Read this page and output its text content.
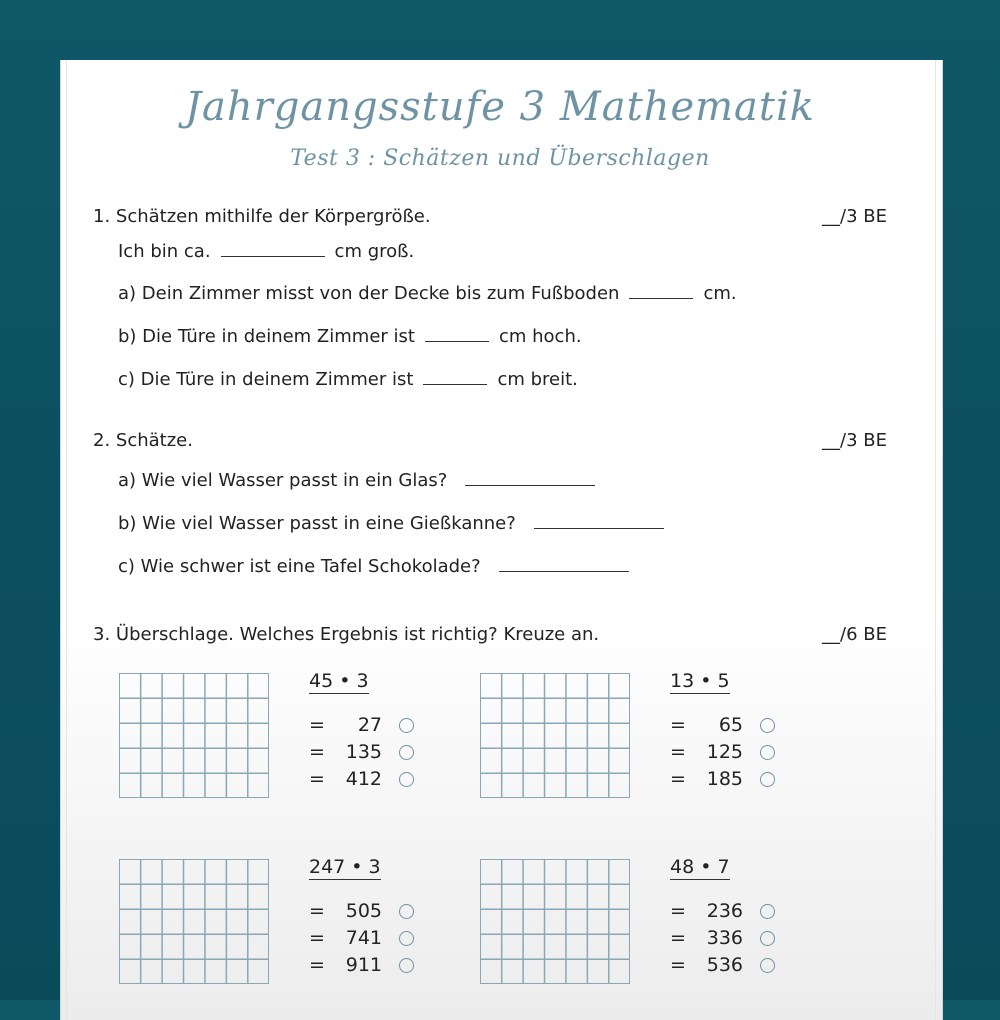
Jahrgangsstufe 3 Mathematik
Test 3 : Schätzen und Überschlagen
1. Schätzen mithilfe der Körpergröße.	__/3 BE
Ich bin ca.	cm groß.
a) Dein Zimmer misst von der Decke bis zum Fußboden	cm.
b) Die Türe in deinem Zimmer ist	cm hoch.
c) Die Türe in deinem Zimmer ist	cm breit.
2. Schätze.	__/3 BE
a) Wie viel Wasser passt in ein Glas?
b) Wie viel Wasser passt in eine Gießkanne?
c) Wie schwer ist eine Tafel Schokolade?
3. Überschlage. Welches Ergebnis ist richtig? Kreuze an.	__/6 BE
45 • 3
= 27
= 135
= 412
13 • 5
= 65
= 125
= 185
247 • 3
= 505
= 741
= 911
48 • 7
= 236
= 336
= 536
